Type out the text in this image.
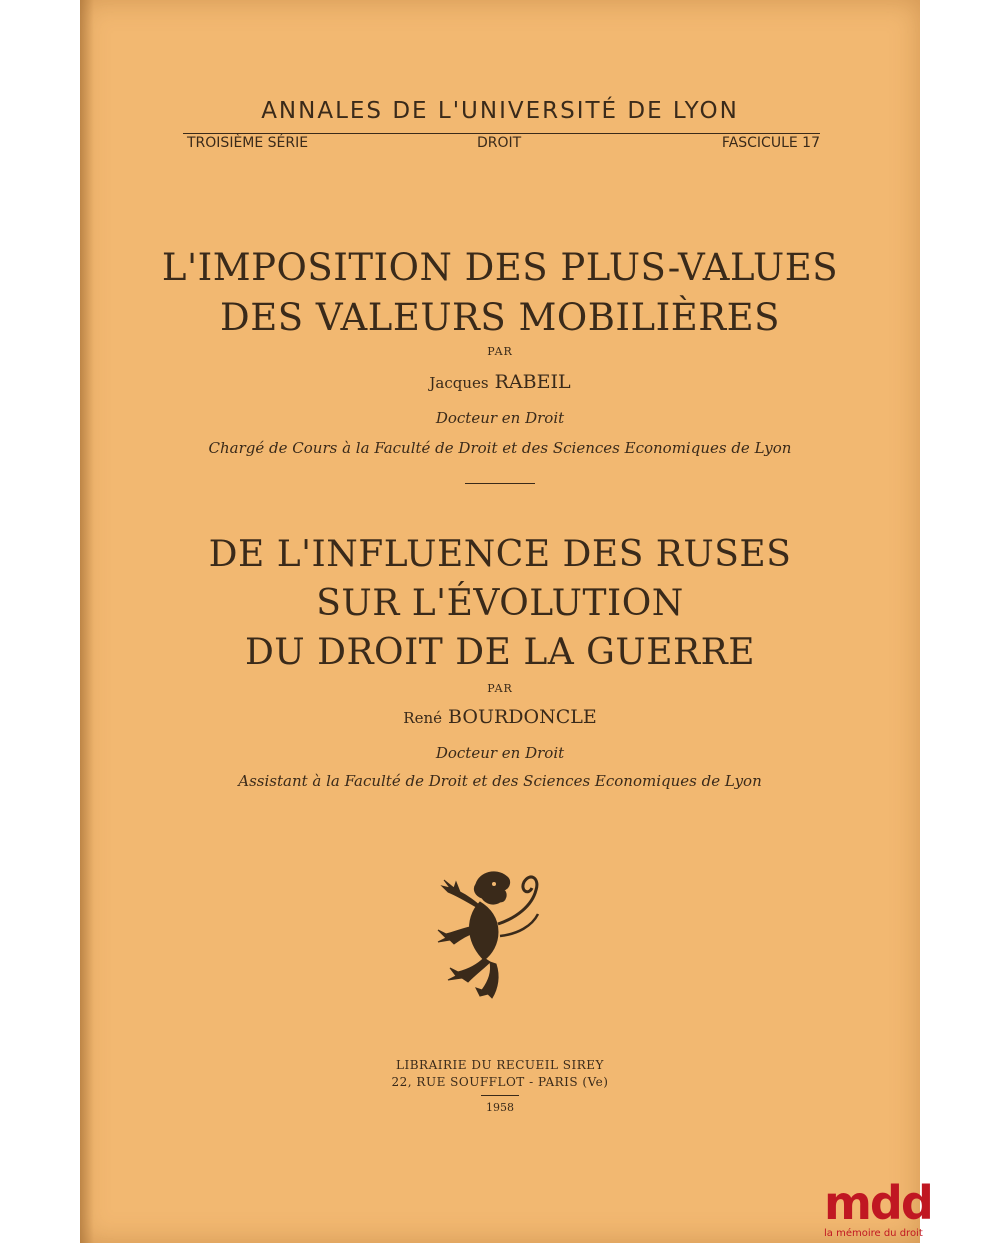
ANNALES DE L'UNIVERSITÉ DE LYON
TROISIÈME SÉRIE	DROIT	FASCICULE 17
L'IMPOSITION DES PLUS-VALUES
DES VALEURS MOBILIÈRES
PAR
Jacques RABEIL
Docteur en Droit
Chargé de Cours à la Faculté de Droit et des Sciences Economiques de Lyon
DE L'INFLUENCE DES RUSES
SUR L'ÉVOLUTION
DU DROIT DE LA GUERRE
PAR
René BOURDONCLE
Docteur en Droit
Assistant à la Faculté de Droit et des Sciences Economiques de Lyon
LIBRAIRIE DU RECUEIL SIREY
22, RUE SOUFFLOT - PARIS (Ve)
1958
mdd
la mémoire du droit
